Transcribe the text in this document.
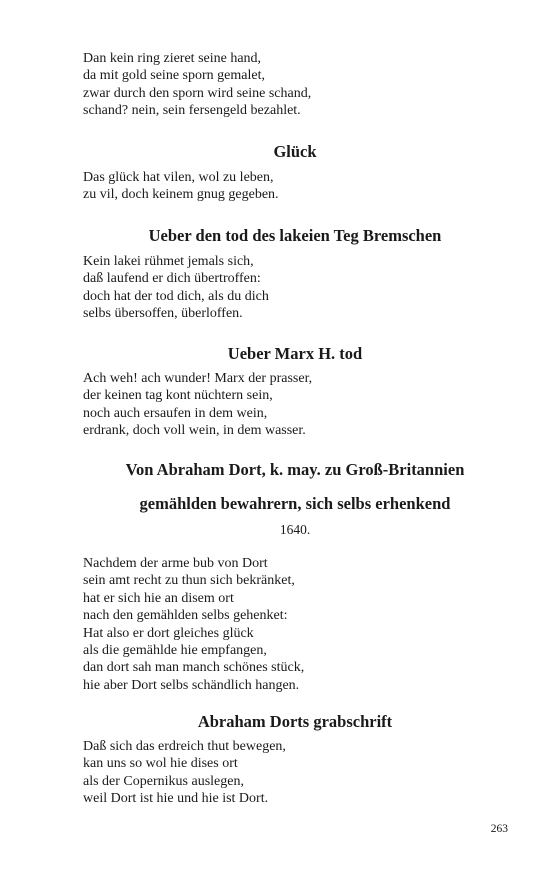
Dan kein ring zieret seine hand,
da mit gold seine sporn gemalet,
zwar durch den sporn wird seine schand,
schand? nein, sein fersengeld bezahlet.
Glück
Das glück hat vilen, wol zu leben,
zu vil, doch keinem gnug gegeben.
Ueber den tod des lakeien Teg Bremschen
Kein lakei rühmet jemals sich,
daß laufend er dich übertroffen:
doch hat der tod dich, als du dich
selbs übersoffen, überloffen.
Ueber Marx H. tod
Ach weh! ach wunder! Marx der prasser,
der keinen tag kont nüchtern sein,
noch auch ersaufen in dem wein,
erdrank, doch voll wein, in dem wasser.
Von Abraham Dort, k. may. zu Groß-Britannien
gemählden bewahrern, sich selbs erhenkend
1640.
Nachdem der arme bub von Dort
sein amt recht zu thun sich bekränket,
hat er sich hie an disem ort
nach den gemählden selbs gehenket:
Hat also er dort gleiches glück
als die gemählde hie empfangen,
dan dort sah man manch schönes stück,
hie aber Dort selbs schändlich hangen.
Abraham Dorts grabschrift
Daß sich das erdreich thut bewegen,
kan uns so wol hie dises ort
als der Copernikus auslegen,
weil Dort ist hie und hie ist Dort.
263
